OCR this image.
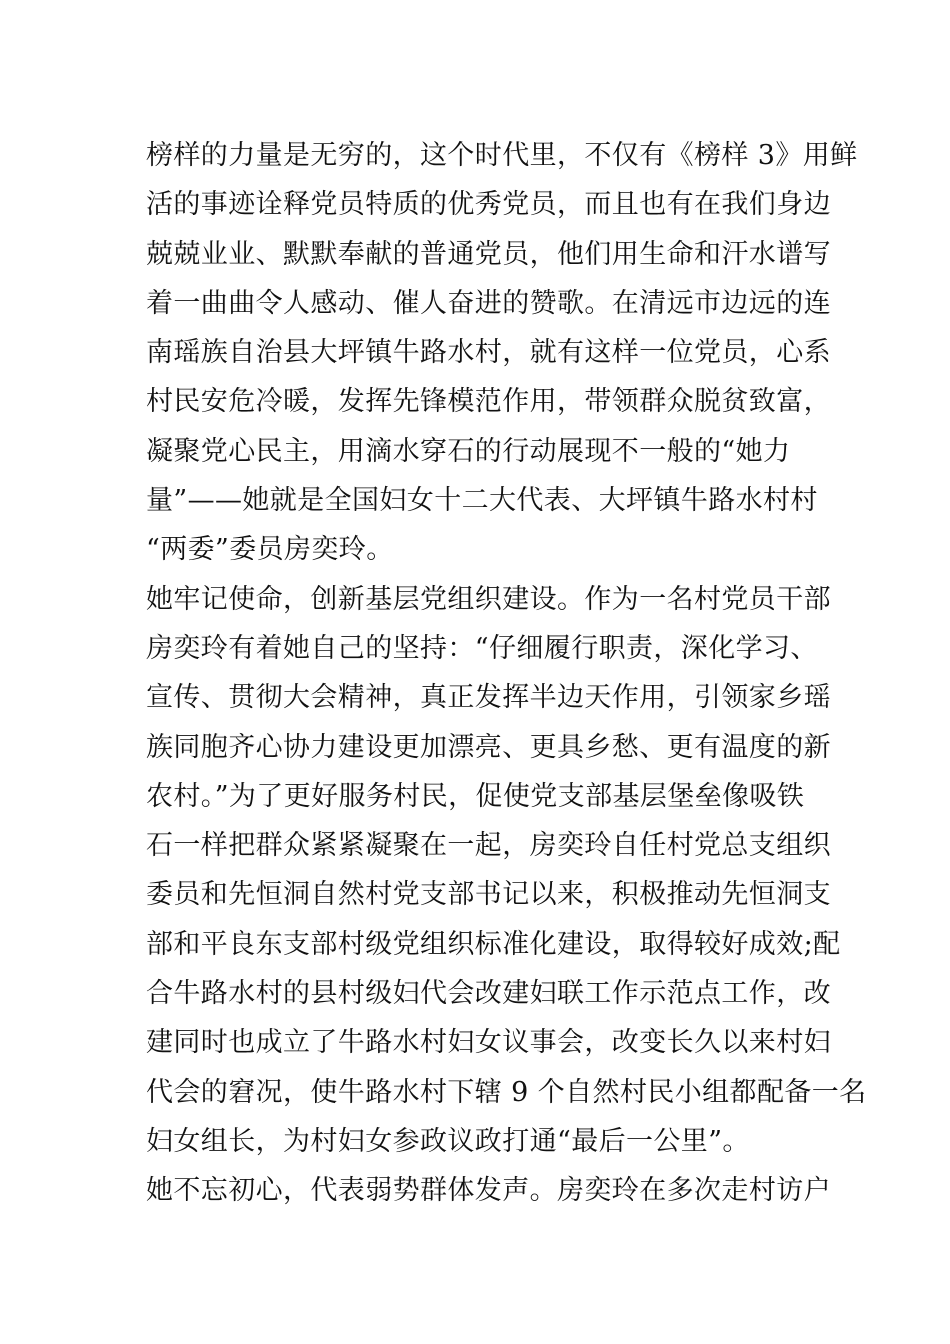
榜样的力量是无穷的，这个时代里，不仅有《榜样 3》用鲜
活的事迹诠释党员特质的优秀党员，而且也有在我们身边
兢兢业业、默默奉献的普通党员，他们用生命和汗水谱写
着一曲曲令人感动、催人奋进的赞歌。在清远市边远的连
南瑶族自治县大坪镇牛路水村，就有这样一位党员，心系
村民安危冷暖，发挥先锋模范作用，带领群众脱贫致富，
凝聚党心民主，用滴水穿石的行动展现不一般的“她力
量”——她就是全国妇女十二大代表、大坪镇牛路水村村
“两委”委员房奕玲。
她牢记使命，创新基层党组织建设。作为一名村党员干部
房奕玲有着她自己的坚持：“仔细履行职责，深化学习、
宣传、贯彻大会精神，真正发挥半边天作用，引领家乡瑶
族同胞齐心协力建设更加漂亮、更具乡愁、更有温度的新
农村。”为了更好服务村民，促使党支部基层堡垒像吸铁
石一样把群众紧紧凝聚在一起，房奕玲自任村党总支组织
委员和先恒洞自然村党支部书记以来，积极推动先恒洞支
部和平良东支部村级党组织标准化建设，取得较好成效;配
合牛路水村的县村级妇代会改建妇联工作示范点工作，改
建同时也成立了牛路水村妇女议事会，改变长久以来村妇
代会的窘况，使牛路水村下辖 9 个自然村民小组都配备一名
妇女组长，为村妇女参政议政打通“最后一公里”。
她不忘初心，代表弱势群体发声。房奕玲在多次走村访户
